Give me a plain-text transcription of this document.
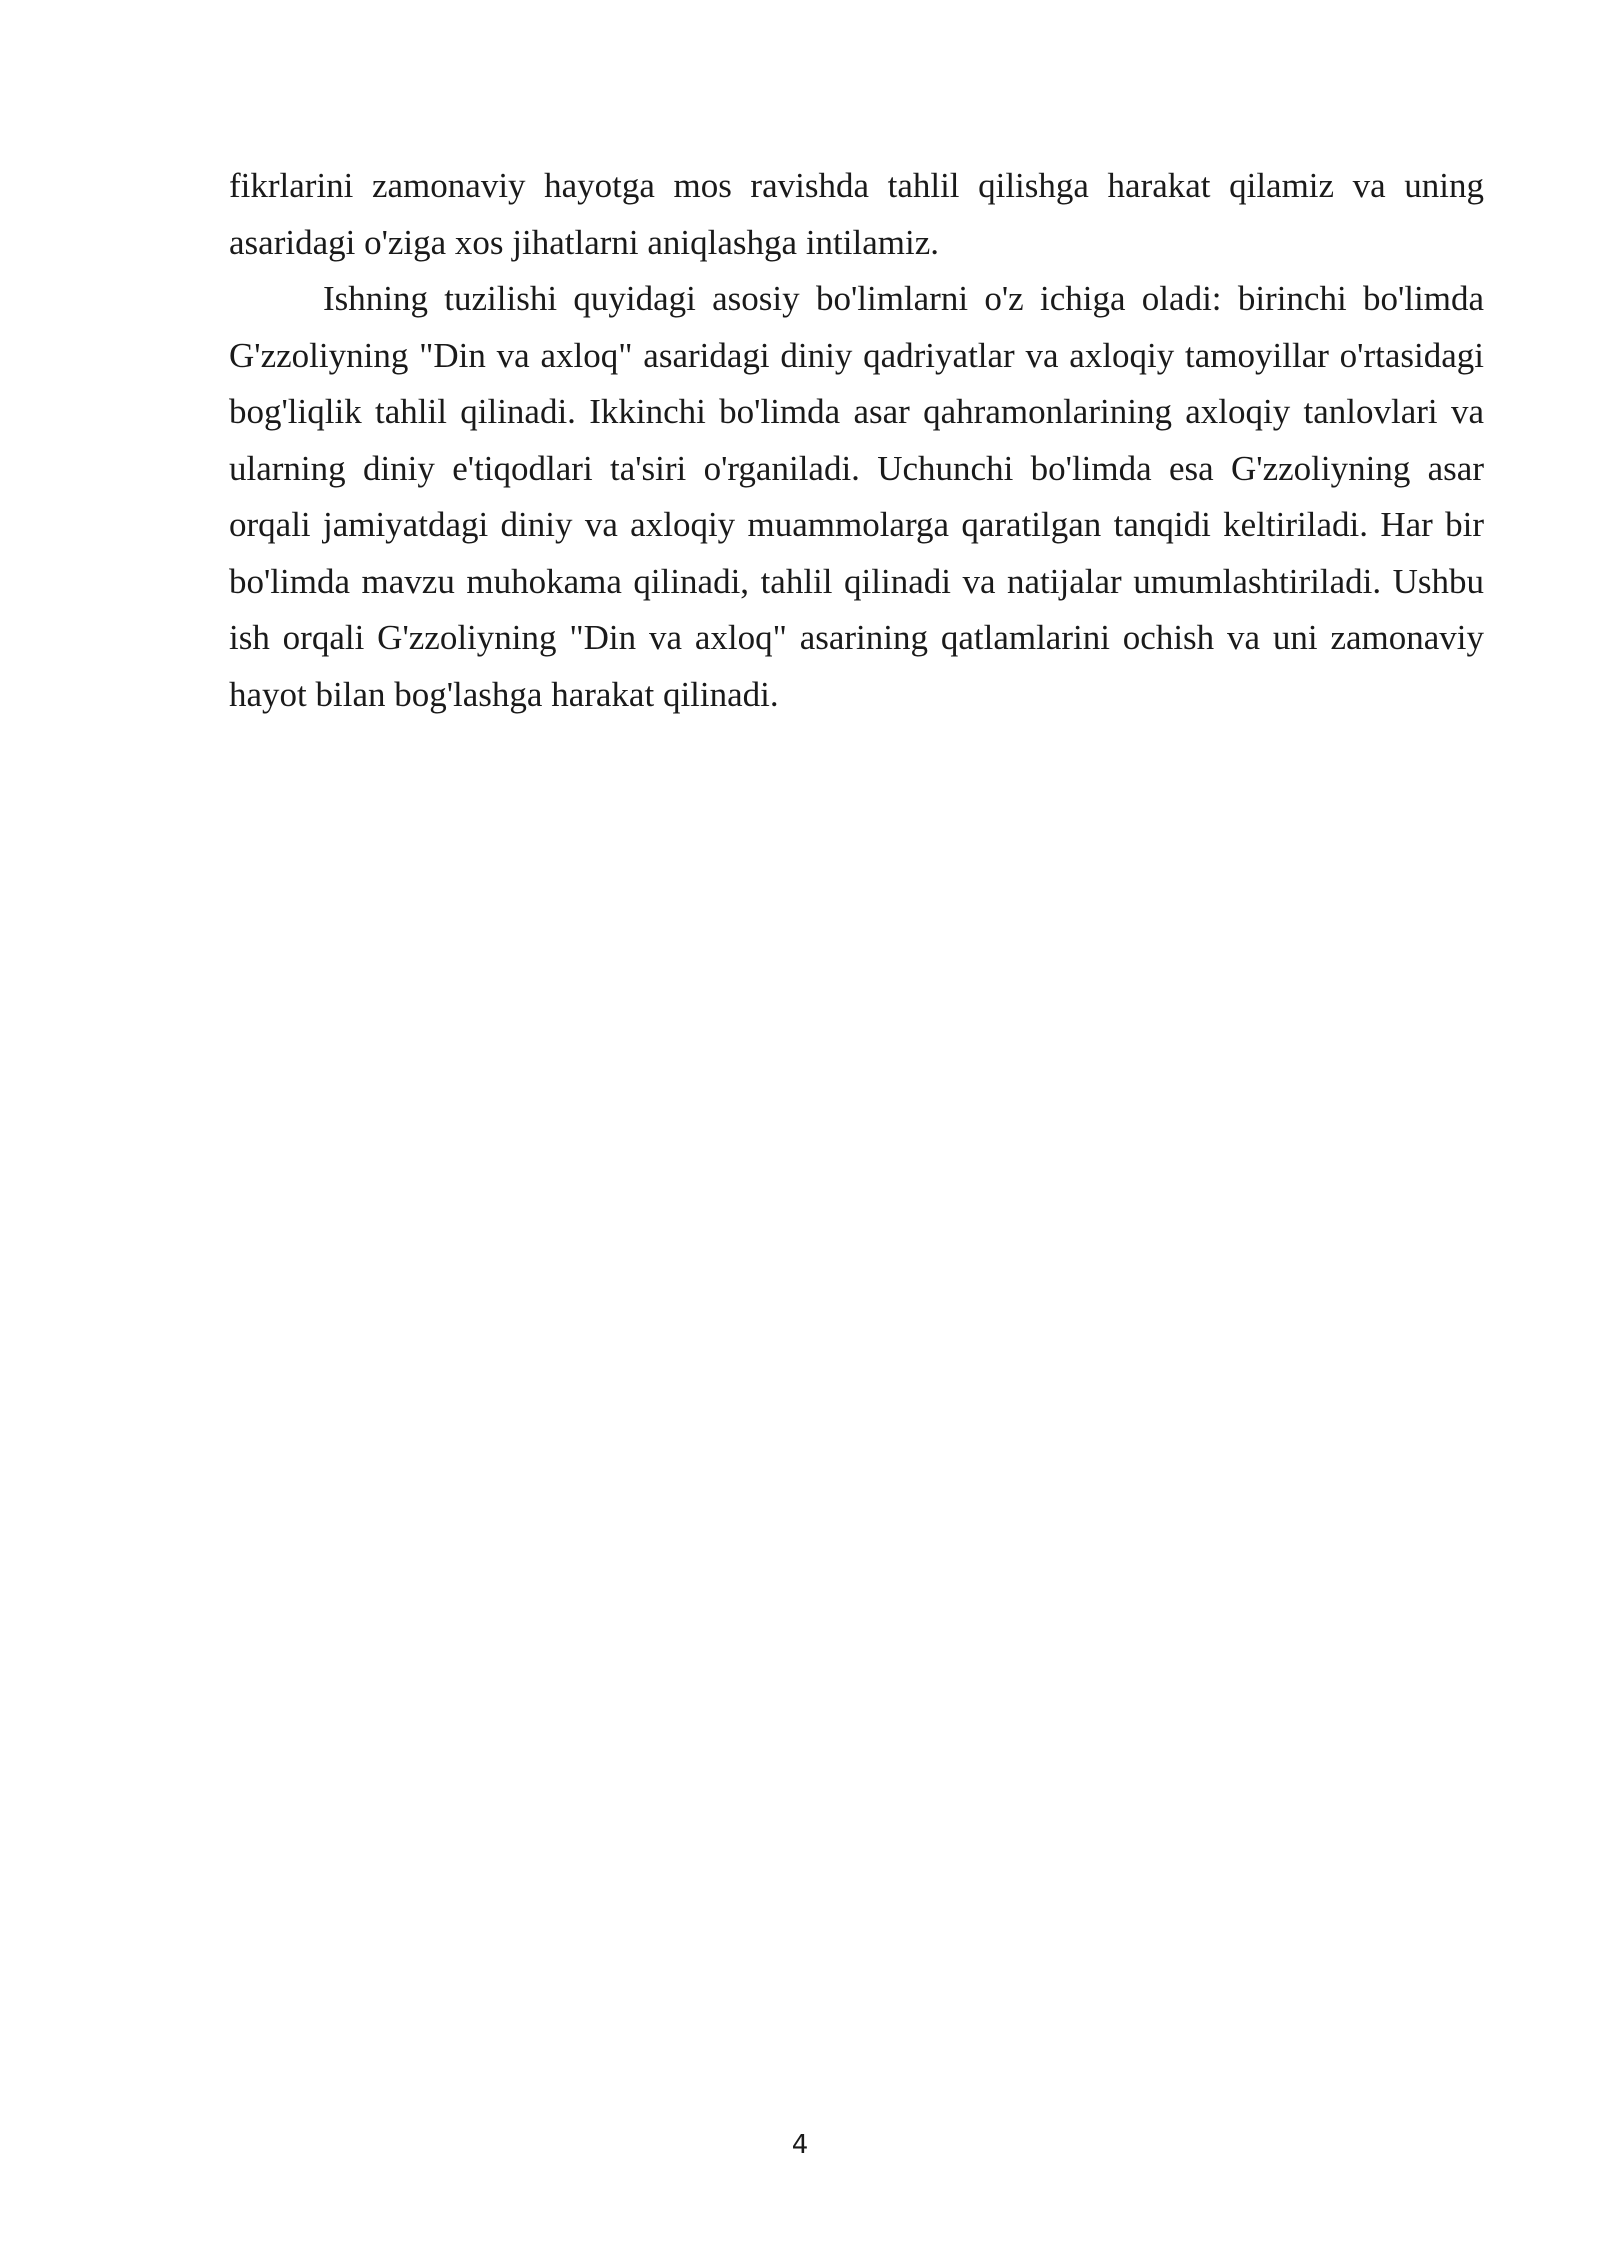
fikrlarini zamonaviy hayotga mos ravishda tahlil qilishga harakat qilamiz va uning asaridagi o'ziga xos jihatlarni aniqlashga intilamiz.

Ishning tuzilishi quyidagi asosiy bo'limlarni o'z ichiga oladi: birinchi bo'limda G'zzoliyning "Din va axloq" asaridagi diniy qadriyatlar va axloqiy tamoyillar o'rtasidagi bog'liqlik tahlil qilinadi. Ikkinchi bo'limda asar qahramonlarining axloqiy tanlovlari va ularning diniy e'tiqodlari ta'siri o'rganiladi. Uchunchi bo'limda esa G'zzoliyning asar orqali jamiyatdagi diniy va axloqiy muammolarga qaratilgan tanqidi keltiriladi. Har bir bo'limda mavzu muhokama qilinadi, tahlil qilinadi va natijalar umumlashtiriladi. Ushbu ish orqali G'zzoliyning "Din va axloq" asarining qatlamlarini ochish va uni zamonaviy hayot bilan bog'lashga harakat qilinadi.

4
